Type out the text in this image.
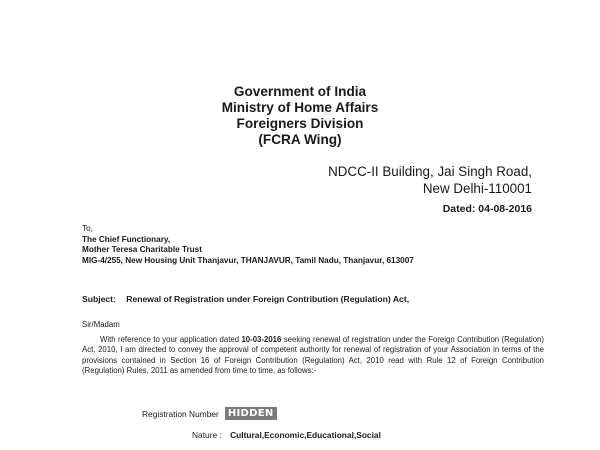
Government of India
Ministry of Home Affairs
Foreigners Division
(FCRA Wing)
NDCC-II Building, Jai Singh Road,
New Delhi-110001
Dated: 04-08-2016
To,
The Chief Functionary,
Mother Teresa Charitable Trust
MIG-4/255, New Housing Unit Thanjavur, THANJAVUR, Tamil Nadu, Thanjavur, 613007
Subject: Renewal of Registration under Foreign Contribution (Regulation) Act,
Sir/Madam
With reference to your application dated 10-03-2016 seeking renewal of registration under the Foreign Contribution (Regulation) Act, 2010, I am directed to convey the approval of competent authority for renewal of registration of your Association in terms of the provisions contained in Section 16 of Foreign Contribution (Regulation) Act, 2010 read with Rule 12 of Foreign Contribution (Regulation) Rules, 2011 as amended from time to time, as follows:-
Registration Number HIDDEN
Nature : Cultural,Economic,Educational,Social
